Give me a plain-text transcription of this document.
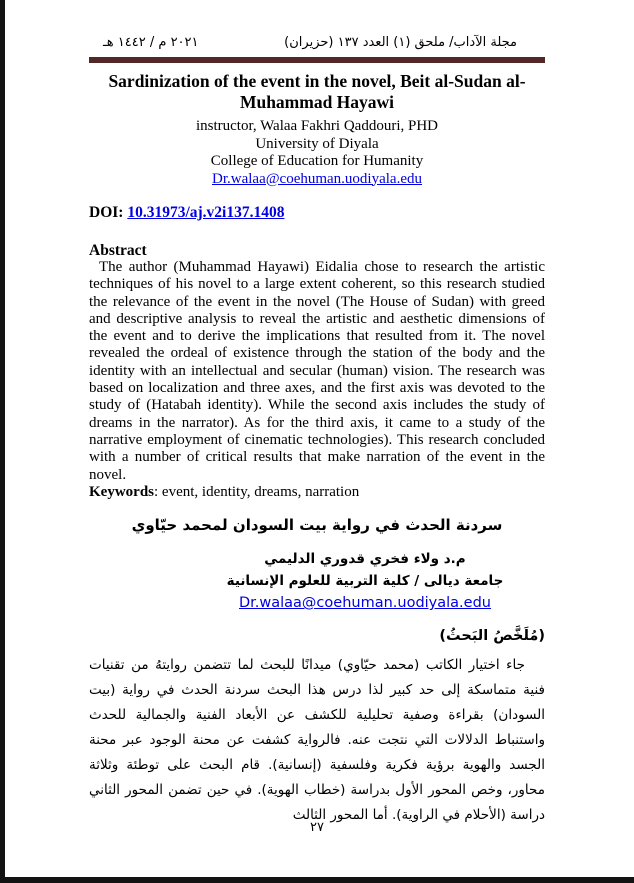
٢٠٢١ م / ١٤٤٢ هـ	مجلة الآداب/ ملحق (١) العدد ١٣٧ (حزيران)
Sardinization of the event in the novel, Beit al-Sudan al-
Muhammad Hayawi
instructor, Walaa Fakhri Qaddouri, PHD
University of Diyala
College of Education for Humanity
Dr.walaa@coehuman.uodiyala.edu
DOI: 10.31973/aj.v2i137.1408
Abstract

The author (Muhammad Hayawi) Eidalia chose to research the artistic techniques of his novel to a large extent coherent, so this research studied the relevance of the event in the novel (The House of Sudan) with greed and descriptive analysis to reveal the artistic and aesthetic dimensions of the event and to derive the implications that resulted from it. The novel revealed the ordeal of existence through the station of the body and the identity with an intellectual and secular (human) vision. The research was based on localization and three axes, and the first axis was devoted to the study of (Hatabah identity). While the second axis includes the study of dreams in the narrator). As for the third axis, it came to a study of the narrative employment of cinematic technologies). This research concluded with a number of critical results that make narration of the event in the novel.

Keywords: event, identity, dreams, narration

سردنة الحدث في رواية بيت السودان لمحمد حيّاوي
م.د ولاء فخري قدوري الدليمي
جامعة ديالى / كلية التربية للعلوم الإنسانية
Dr.walaa@coehuman.uodiyala.edu
(مُلَخَّصُ البَحثُ)

جاء اختيار الكاتب (محمد حيّاوي) ميدانًا للبحث لما تتضمن روايتهُ من تقنيات فنية متماسكة إلى حد كبير لذا درس هذا البحث سردنة الحدث في رواية (بيت السودان) بقراءة وصفية تحليلية للكشف عن الأبعاد الفنية والجمالية للحدث واستنباط الدلالات التي نتجت عنه. فالرواية كشفت عن محنة الوجود عبر محنة الجسد والهوية برؤية فكرية وفلسفية (إنسانية). قام البحث على توطئة وثلاثة محاور، وخص المحور الأول بدراسة (خطاب الهوية). في حين تضمن المحور الثاني دراسة (الأحلام في الراوية). أما المحور الثالث

٢٧
